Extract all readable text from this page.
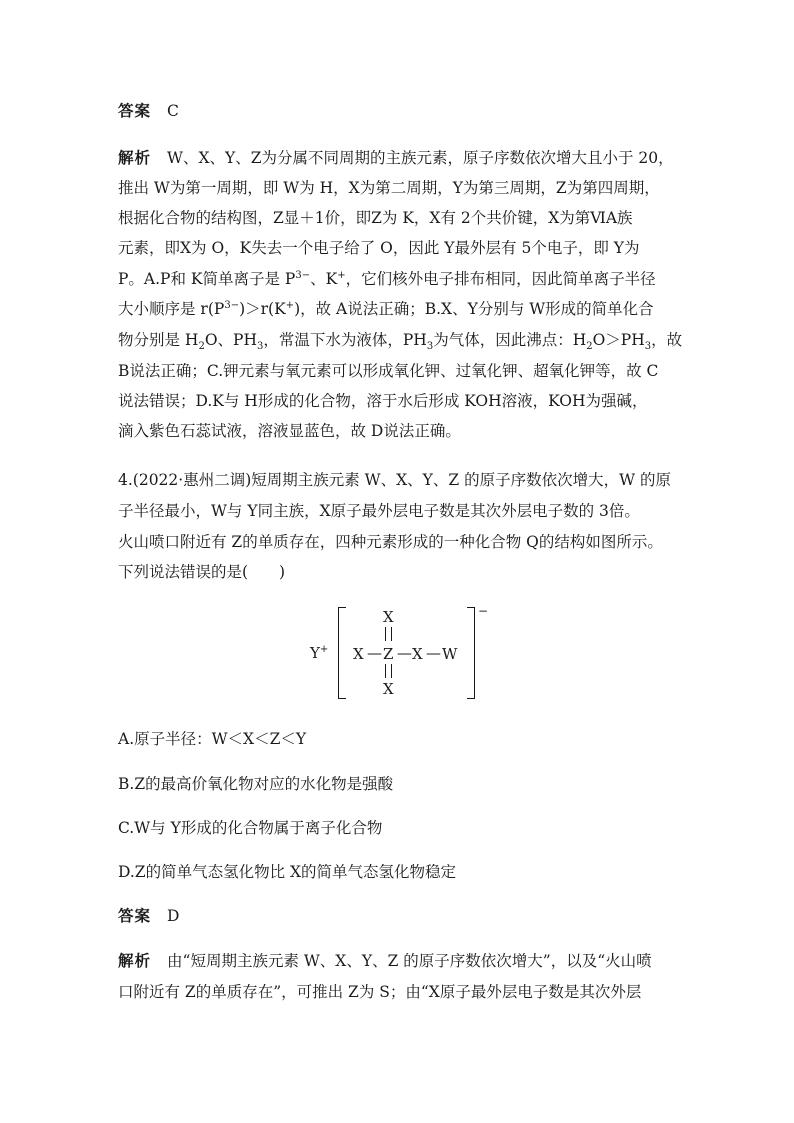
答案 C
解析 W、X、Y、Z为分属不同周期的主族元素，原子序数依次增大且小于 20，
推出 W为第一周期，即 W为 H，X为第二周期，Y为第三周期，Z为第四周期，
根据化合物的结构图，Z显＋1价，即Z为 K，X有 2个共价键，X为第ⅥA族
元素，即X为 O，K失去一个电子给了 O，因此 Y最外层有 5个电子，即 Y为
P。A.P和 K简单离子是 $P^{3-}$、K+，它们核外电子排布相同，因此简单离子半径
大小顺序是 $r(P^{3-})>r(K^+)$，故 A说法正确；B.X、Y分别与 W形成的简单化合
物分别是 $H_2O$、$PH_3$，常温下水为液体，$PH_3$为气体，因此沸点：$H_2O>PH_3$，故
B说法正确；C.钾元素与氧元素可以形成氧化钾、过氧化钾、超氧化钾等，故 C
说法错误；D.K与 H形成的化合物，溶于水后形成 KOH溶液，KOH为强碱，
滴入紫色石蕊试液，溶液显蓝色，故 D说法正确。
4.(2022·惠州二调)短周期主族元素 W、X、Y、Z 的原子序数依次增大，W 的原
子半径最小，W与 Y同主族，X原子最外层电子数是其次外层电子数的 3倍。
火山喷口附近有 Z的单质存在，四种元素形成的一种化合物 Q的结构如图所示。
下列说法错误的是(　　)
A.原子半径：W＜X＜Z＜Y
B.Z的最高价氧化物对应的水化物是强酸
C.W与 Y形成的化合物属于离子化合物
D.Z的简单气态氢化物比 X的简单气态氢化物稳定
答案 D
解析 由“短周期主族元素 W、X、Y、Z 的原子序数依次增大”，以及“火山喷
口附近有 Z的单质存在”，可推出 Z为 S；由“X原子最外层电子数是其次外层
Y+
−
X
X — Z — X — W
X
